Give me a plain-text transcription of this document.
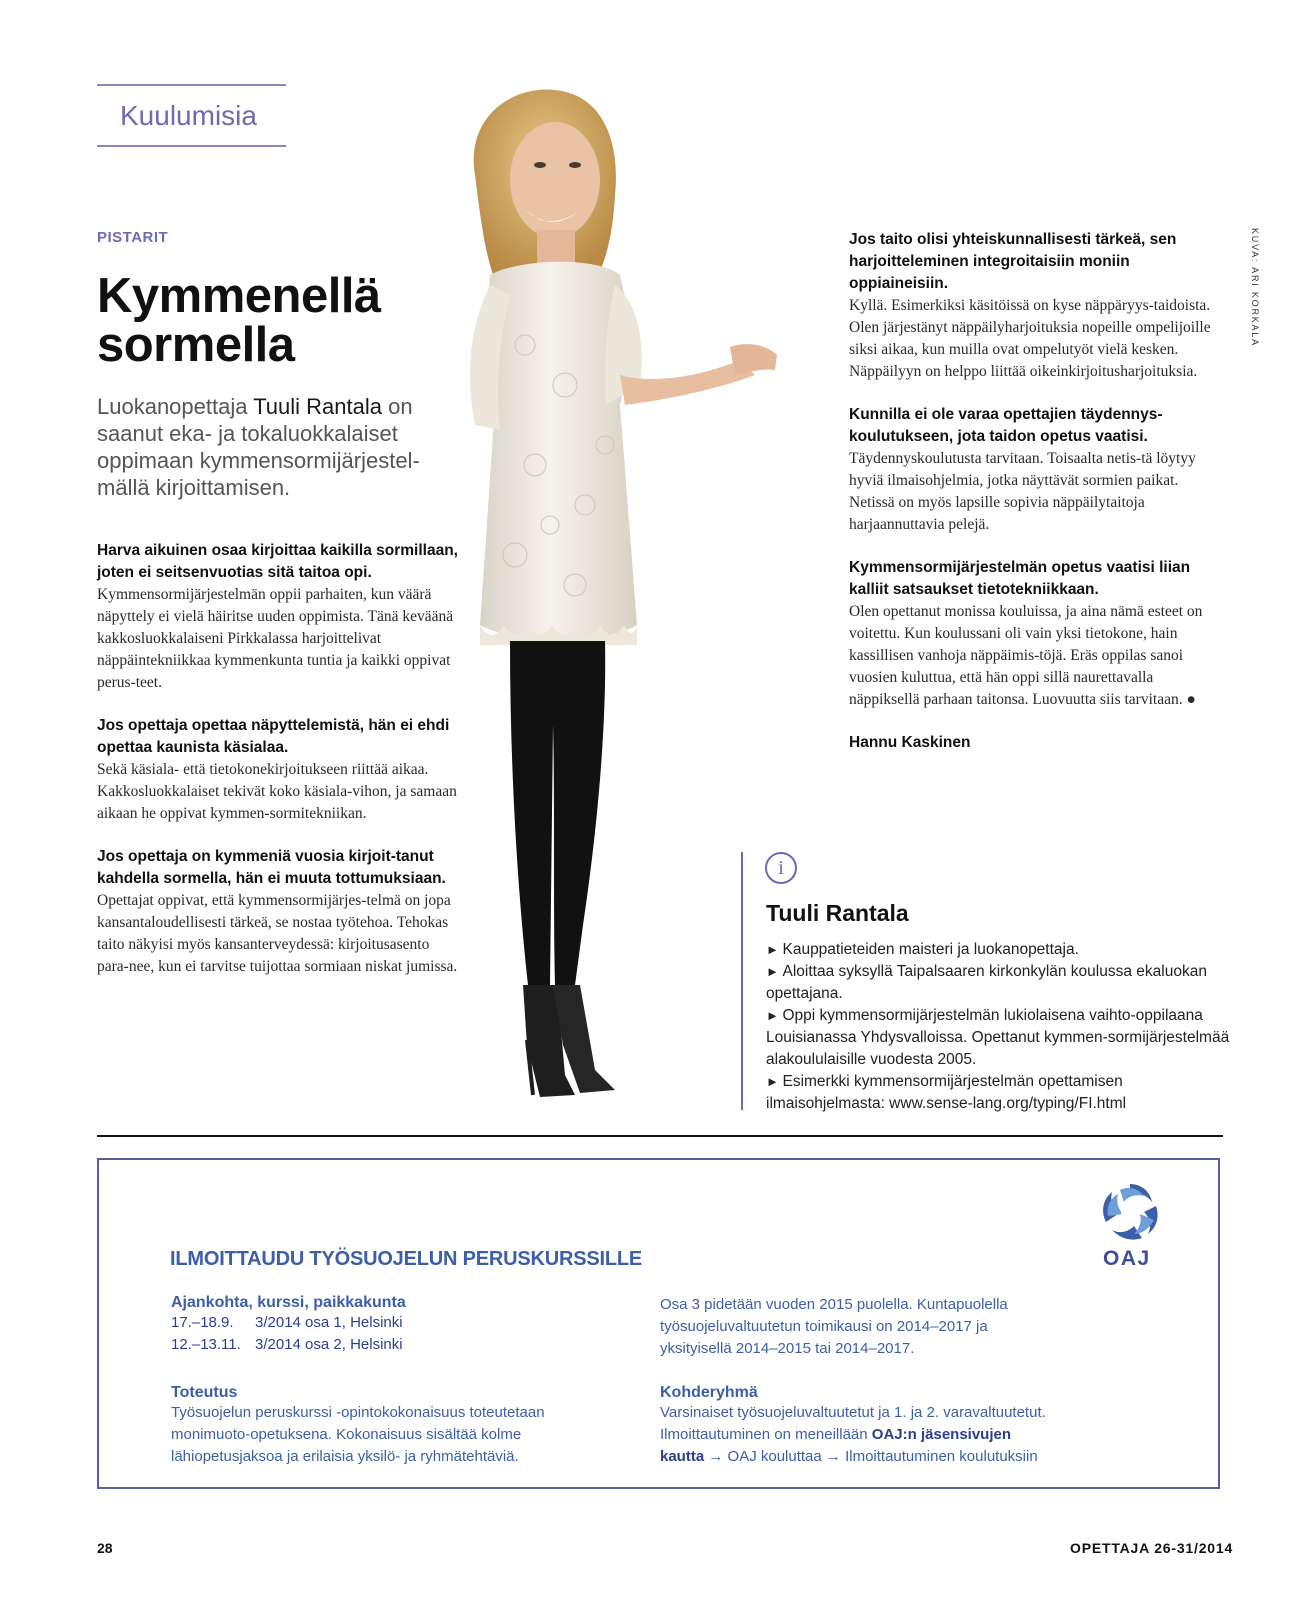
Kuulumisia
PISTARIT
Kymmenellä
sormella
Luokanopettaja Tuuli Rantala on saanut eka- ja tokaluokkalaiset oppimaan kymmensormijärjestelmällä kirjoittamisen.

Harva aikuinen osaa kirjoittaa kaikilla sormillaan, joten ei seitsenvuotias sitä taitoa opi.
Kymmensormijärjestelmän oppii parhaiten, kun väärä näpyttely ei vielä häiritse uuden oppimista. Tänä keväänä kakkosluokkalaiseni Pirkkalassa harjoittelivat näppäintekniikkaa kymmenkunta tuntia ja kaikki oppivat perus-teet.

Jos opettaja opettaa näpyttelemistä, hän ei ehdi opettaa kaunista käsialaa.
Sekä käsiala- että tietokonekirjoitukseen riittää aikaa. Kakkosluokkalaiset tekivät koko käsiala-vihon, ja samaan aikaan he oppivat kymmen-sormitekniikan.

Jos opettaja on kymmeniä vuosia kirjoit-tanut kahdella sormella, hän ei muuta tottumuksiaan.
Opettajat oppivat, että kymmensormijärjes-telmä on jopa kansantaloudellisesti tärkeä, se nostaa työtehoa. Tehokas taito näkyisi myös kansanterveydessä: kirjoitusasento para-nee, kun ei tarvitse tuijottaa sormiaan niskat jumissa.

KUVA: ARI KORKALA

Jos taito olisi yhteiskunnallisesti tärkeä, sen harjoitteleminen integroitaisiin moniin oppiaineisiin.
Kyllä. Esimerkiksi käsitöissä on kyse näppäryys-taidoista. Olen järjestänyt näppäilyharjoituksia nopeille ompelijoille siksi aikaa, kun muilla ovat ompelutyöt vielä kesken. Näppäilyyn on helppo liittää oikeinkirjoitusharjoituksia.

Kunnilla ei ole varaa opettajien täydennys-koulutukseen, jota taidon opetus vaatisi.
Täydennyskoulutusta tarvitaan. Toisaalta netis-tä löytyy hyviä ilmaisohjelmia, jotka näyttävät sormien paikat. Netissä on myös lapsille sopivia näppäilytaitoja harjaannuttavia pelejä.

Kymmensormijärjestelmän opetus vaatisi liian kalliit satsaukset tietotekniikkaan.
Olen opettanut monissa kouluissa, ja aina nämä esteet on voitettu. Kun koulussani oli vain yksi tietokone, hain kassillisen vanhoja näppäimis-töjä. Eräs oppilas sanoi vuosien kuluttua, että hän oppi sillä naurettavalla näppiksellä parhaan taitonsa. Luovuutta siis tarvitaan. ●

Hannu Kaskinen

i
Tuuli Rantala
► Kauppatieteiden maisteri ja luokanopettaja.
► Aloittaa syksyllä Taipalsaaren kirkonkylän koulussa ekaluokan opettajana.
► Oppi kymmensormijärjestelmän lukiolaisena vaihto-oppilaana Louisianassa Yhdysvalloissa. Opettanut kymmen-sormijärjestelmää alakoululaisille vuodesta 2005.
► Esimerkki kymmensormijärjestelmän opettamisen ilmaisohjelmasta: www.sense-lang.org/typing/FI.html
OAJ
ILMOITTAUDU TYÖSUOJELUN PERUSKURSSILLE
Ajankohta, kurssi, paikkakunta
17.–18.9. 3/2014 osa 1, Helsinki
12.–13.11. 3/2014 osa 2, Helsinki
Toteutus
Työsuojelun peruskurssi -opintokokonaisuus toteutetaan monimuoto-opetuksena. Kokonaisuus sisältää kolme lähiopetusjaksoa ja erilaisia yksilö- ja ryhmätehtäviä.
Osa 3 pidetään vuoden 2015 puolella. Kuntapuolella työsuojeluvaltuutetun toimikausi on 2014–2017 ja yksityisellä 2014–2015 tai 2014–2017.
Kohderyhmä
Varsinaiset työsuojeluvaltuutetut ja 1. ja 2. varavaltuutetut.
Ilmoittautuminen on meneillään OAJ:n jäsensivujen
kautta → OAJ kouluttaa → Ilmoittautuminen koulutuksiin
28	OPETTAJA 26-31/2014
